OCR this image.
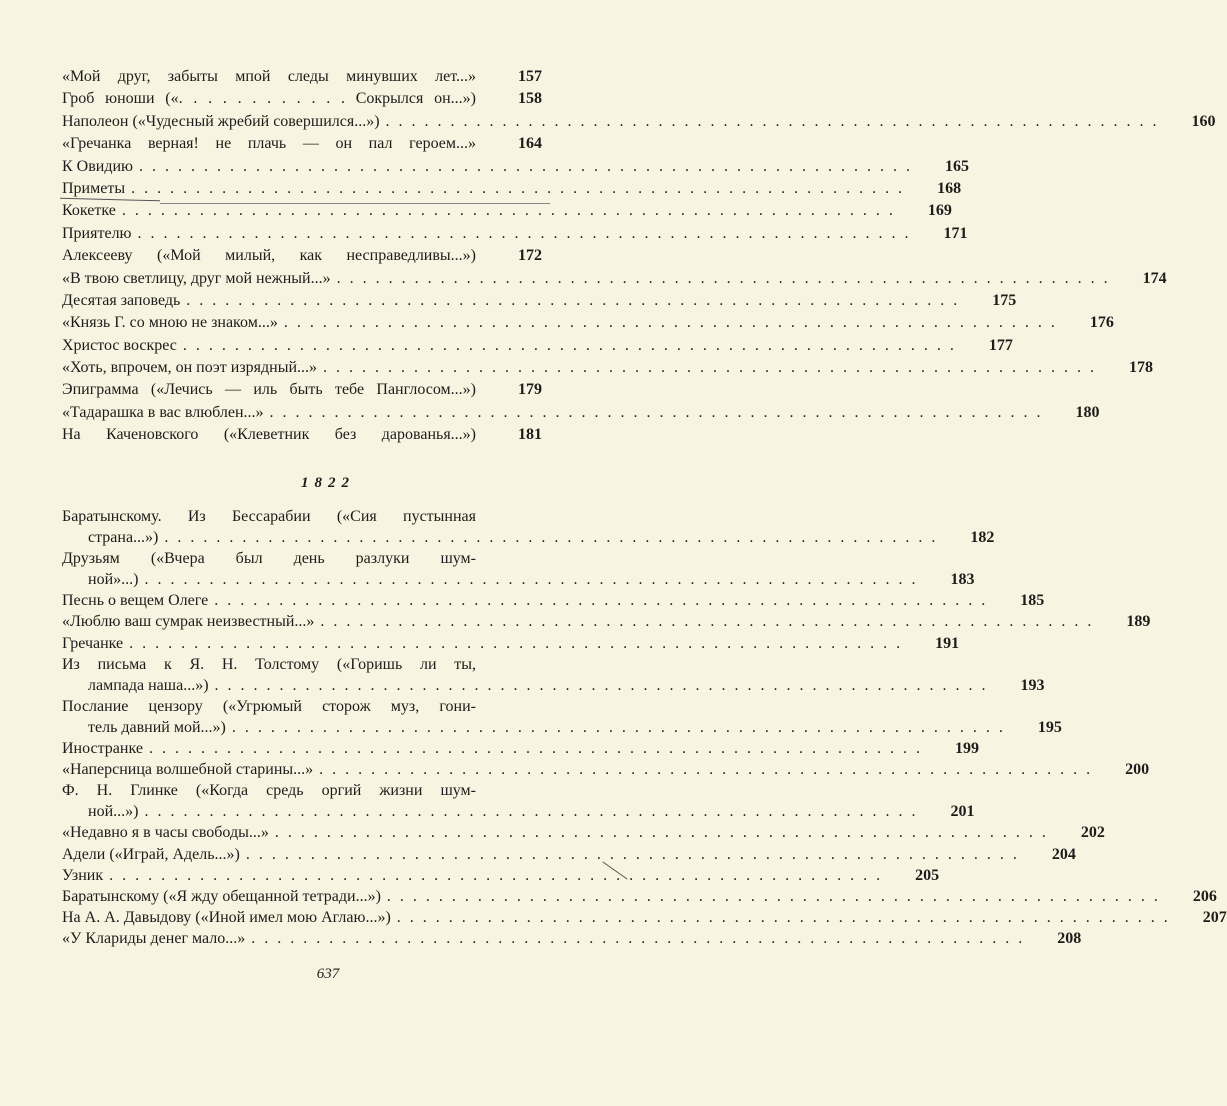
«Мой друг, забыты мпой следы минувших лет...»	157
Гроб юноши («. . . . . . . . . . . . Сокрылся он...»)	158
Наполеон («Чудесный жребий совершился...») ............................................................	160
«Гречанка верная! не плачь — он пал героем...»	164
К Овидию ............................................................	165
Приметы ............................................................	168
Кокетке ............................................................	169
Приятелю ............................................................	171
Алексееву («Мой милый, как несправедливы...»)	172
«В твою светлицу, друг мой нежный...» ............................................................	174
Десятая заповедь ............................................................	175
«Князь Г. со мною не знаком...» ............................................................	176
Христос воскрес ............................................................	177
«Хоть, впрочем, он поэт изрядный...» ............................................................	178
Эпиграмма («Лечись — иль быть тебе Панглосом...»)	179
«Тадарашка в вас влюблен...» ............................................................	180
На Каченовского («Клеветник без дарованья...»)	181
1822
Баратынскому. Из Бессарабии («Сия пустынная
страна...») ............................................................	182
Друзьям («Вчера был день разлуки шум-
ной»...) ............................................................	183
Песнь о вещем Олеге ............................................................	185
«Люблю ваш сумрак неизвестный...» ............................................................	189
Гречанке ............................................................	191
Из письма к Я. Н. Толстому («Горишь ли ты,
лампада наша...») ............................................................	193
Послание цензору («Угрюмый сторож муз, гони-
тель давний мой...») ............................................................	195
Иностранке ............................................................	199
«Наперсница волшебной старины...» ............................................................	200
Ф. Н. Глинке («Когда средь оргий жизни шум-
ной...») ............................................................	201
«Недавно я в часы свободы...» ............................................................	202
Адели («Играй, Адель...») ............................................................	204
Узник ............................................................	205
Баратынскому («Я жду обещанной тетради...») ............................................................	206
На А. А. Давыдову («Иной имел мою Аглаю...») ............................................................	207
«У Клариды денег мало...» ............................................................	208
637
